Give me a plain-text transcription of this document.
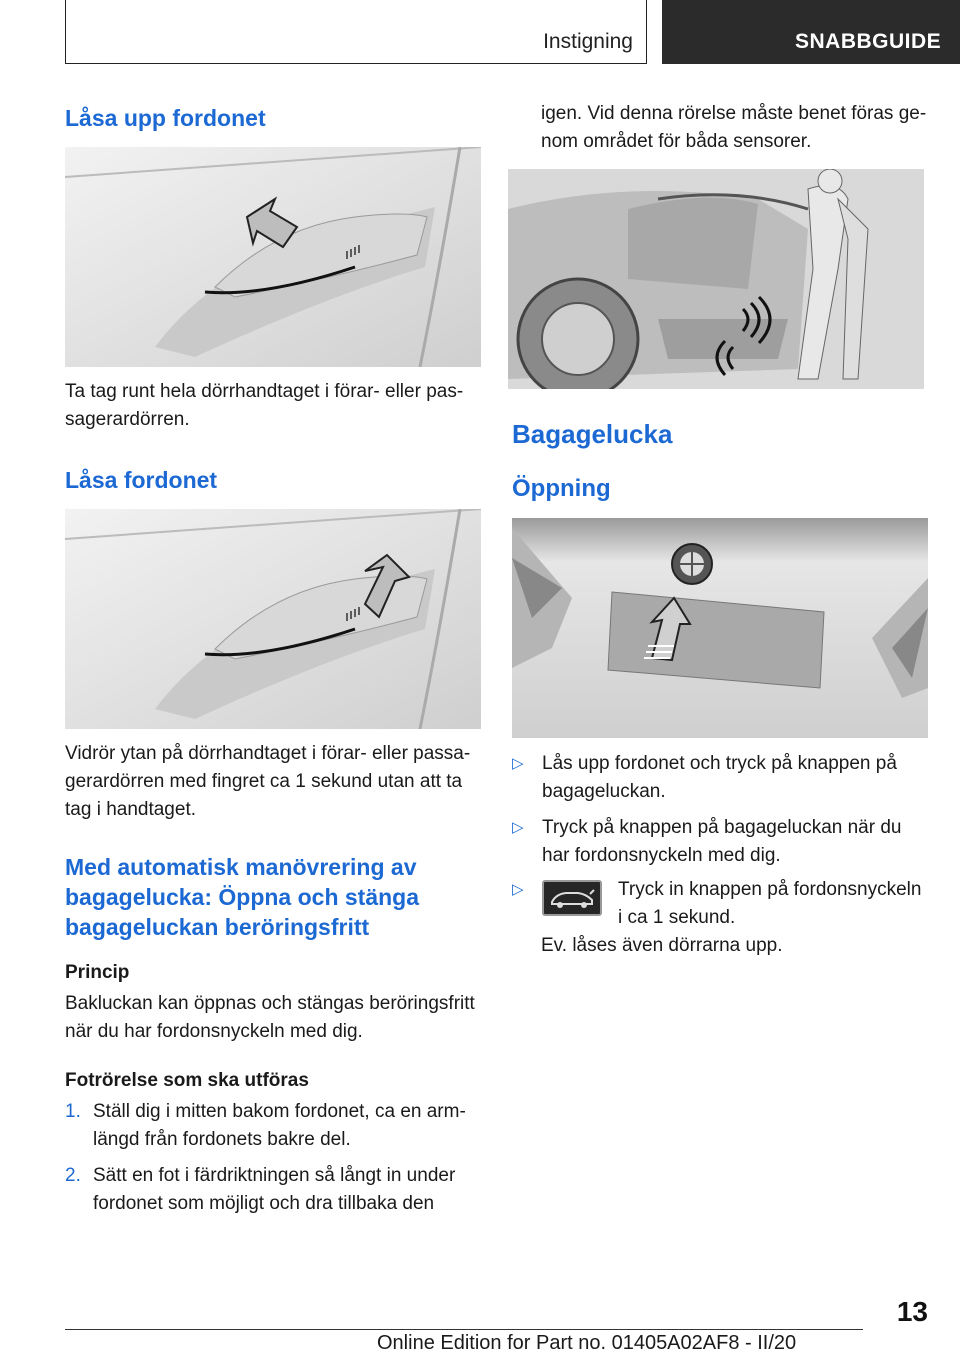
Instigning	SNABBGUIDE
Låsa upp fordonet

Ta tag runt hela dörrhandtaget i förar- eller pas-sagerardörren.

Låsa fordonet

Vidrör ytan på dörrhandtaget i förar- eller passa-gerardörren med fingret ca 1 sekund utan att ta tag i handtaget.

Med automatisk manövrering av bagagelucka: Öppna och stänga bagageluckan beröringsfritt

Princip

Bakluckan kan öppnas och stängas beröringsfritt när du har fordonsnyckeln med dig.

Fotrörelse som ska utföras

1. Ställ dig i mitten bakom fordonet, ca en arm-längd från fordonets bakre del.
2. Sätt en fot i färdriktningen så långt in under fordonet som möjligt och dra tillbaka den

igen. Vid denna rörelse måste benet föras ge-nom området för båda sensorer.

Bagagelucka
Öppning
▷ Lås upp fordonet och tryck på knappen på bagageluckan.
▷ Tryck på knappen på bagageluckan när du har fordonsnyckeln med dig.
▷	Tryck in knappen på fordonsnyckeln i ca 1 sekund.

Ev. låses även dörrarna upp.

13
Online Edition for Part no. 01405A02AF8 - II/20
